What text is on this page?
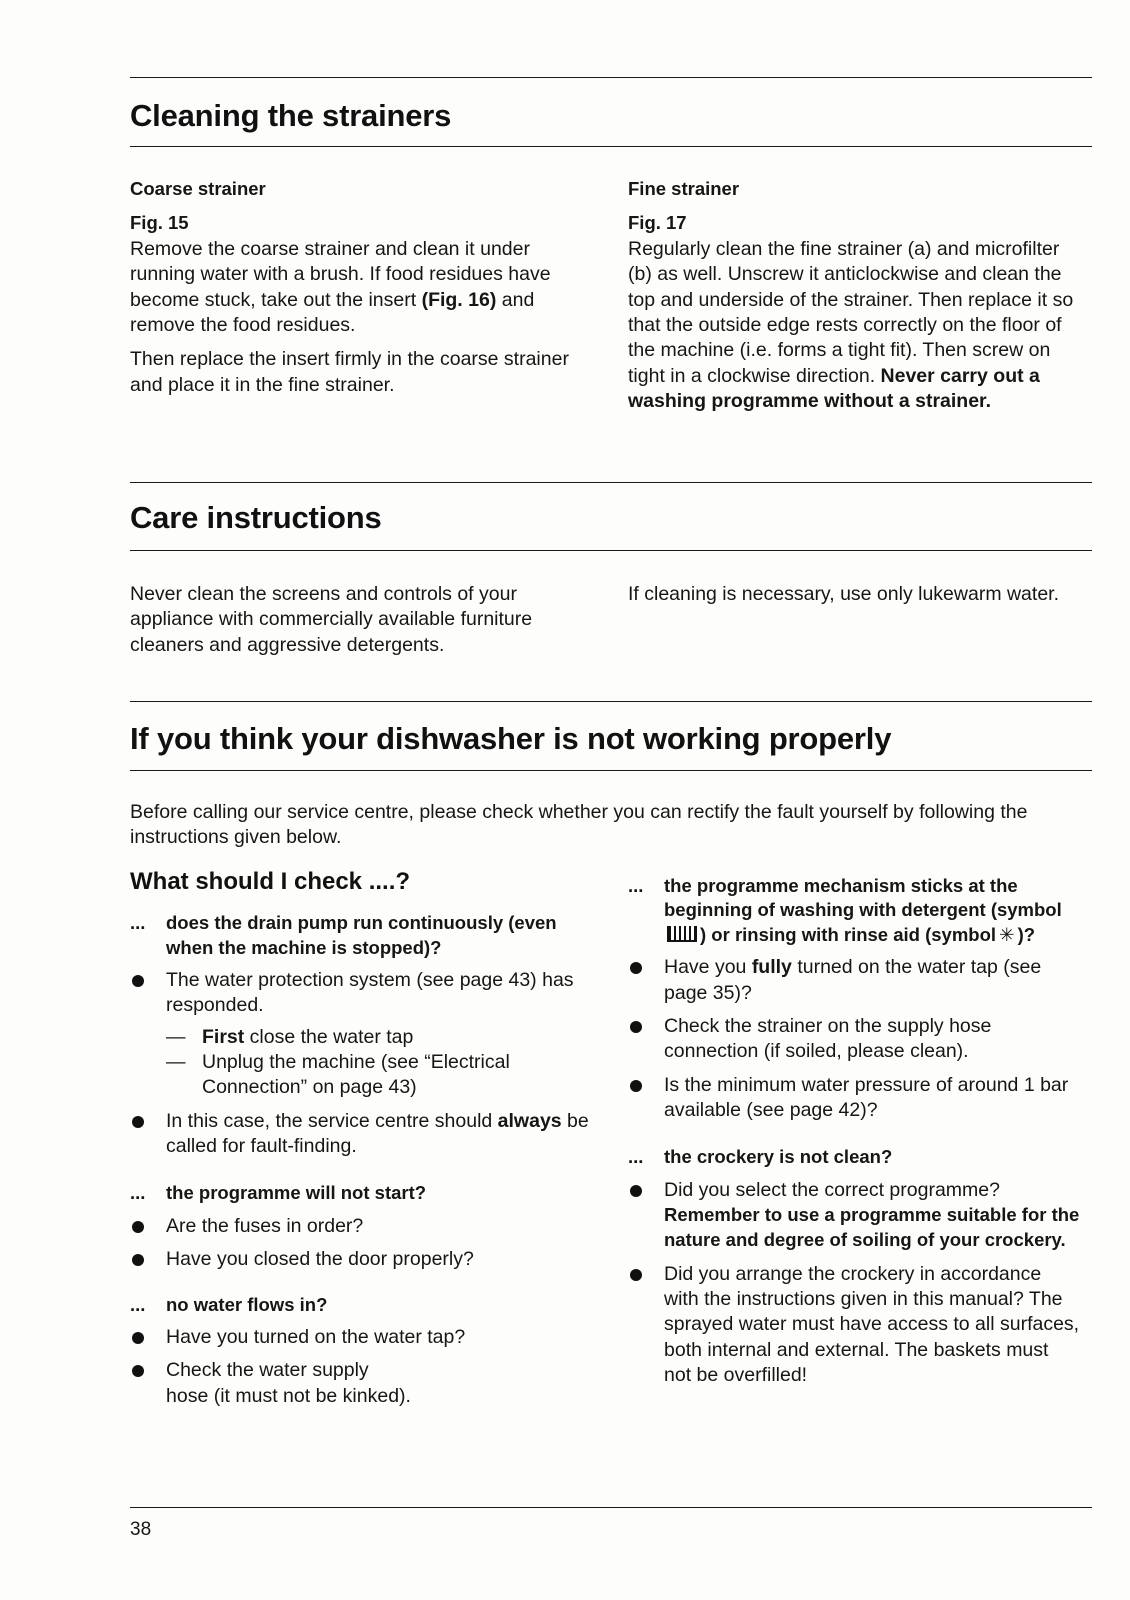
Cleaning the strainers
Coarse strainer
Fig. 15

Remove the coarse strainer and clean it under running water with a brush. If food residues have become stuck, take out the insert (Fig. 16) and remove the food residues.

Then replace the insert firmly in the coarse strainer and place it in the fine strainer.

Fine strainer
Fig. 17

Regularly clean the fine strainer (a) and microfilter (b) as well. Unscrew it anticlockwise and clean the top and underside of the strainer. Then replace it so that the outside edge rests correctly on the floor of the machine (i.e. forms a tight fit). Then screw on tight in a clockwise direction. Never carry out a washing programme without a strainer.

Care instructions

Never clean the screens and controls of your appliance with commercially available furniture cleaners and aggressive detergents.

If cleaning is necessary, use only lukewarm water.

If you think your dishwasher is not working properly

Before calling our service centre, please check whether you can rectify the fault yourself by following the instructions given below.

What should I check ....?
... does the drain pump run continuously (even when the machine is stopped)?
The water protection system (see page 43) has responded.
— First close the water tap
— Unplug the machine (see “Electrical Connection” on page 43)
In this case, the service centre should always be called for fault-finding.
... the programme will not start?
Are the fuses in order?
Have you closed the door properly?
... no water flows in?
Have you turned on the water tap?
Check the water supply hose (it must not be kinked).
... the programme mechanism sticks at the beginning of washing with detergent (symbol) or rinsing with rinse aid (symbol ✳ )?
Have you fully turned on the water tap (see page 35)?
Check the strainer on the supply hose connection (if soiled, please clean).
Is the minimum water pressure of around 1 bar available (see page 42)?
... the crockery is not clean?
Did you select the correct programme? Remember to use a programme suitable for the nature and degree of soiling of your crockery.
Did you arrange the crockery in accordance with the instructions given in this manual? The sprayed water must have access to all surfaces, both internal and external. The baskets must not be overfilled!
38
